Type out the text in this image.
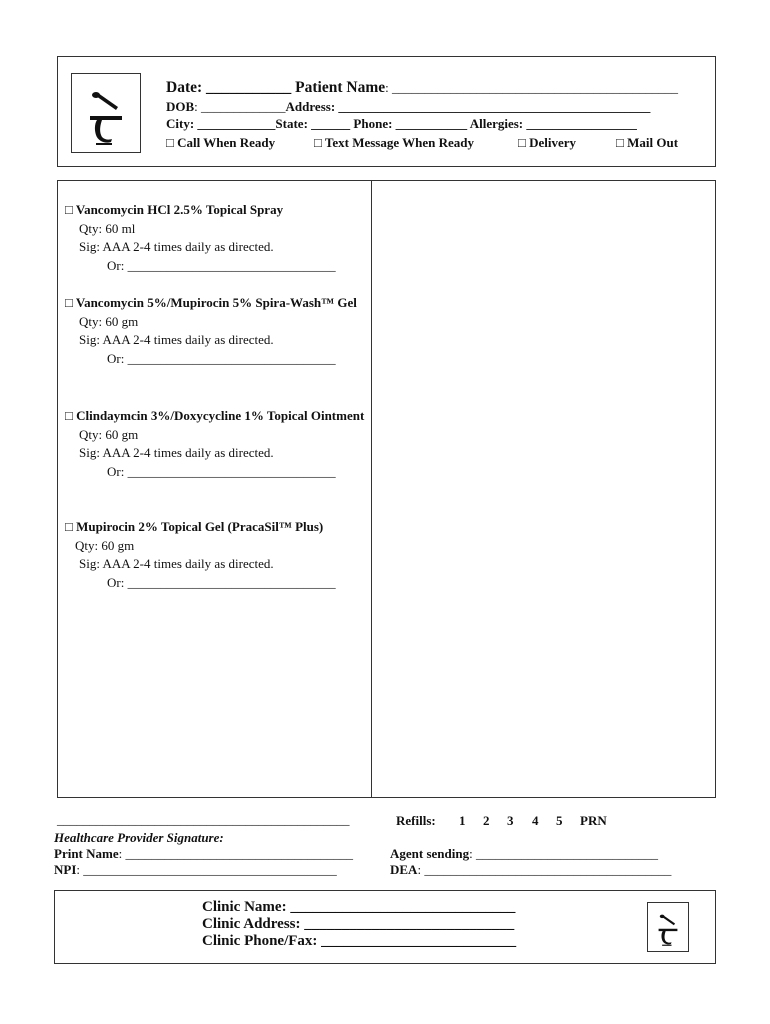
Date: ___________ Patient Name: ____________________________________________
DOB: _____________Address: ________________________________________________
City: ____________State: ______ Phone: ___________ Allergies: _________________
□ Call When Ready	□ Text Message When Ready	□ Delivery	□ Mail Out
□ Vancomycin HCl 2.5% Topical Spray
Qty: 60 ml
Sig: AAA 2-4 times daily as directed.
Or: ________________________________
□ Vancomycin 5%/Mupirocin 5% Spira-Wash™ Gel
Qty: 60 gm
Sig: AAA 2-4 times daily as directed.
Or: ________________________________
□ Clindaymcin 3%/Doxycycline 1% Topical Ointment
Qty: 60 gm
Sig: AAA 2-4 times daily as directed.
Or: ________________________________
□ Mupirocin 2% Topical Gel (PracaSil™ Plus)
Qty: 60 gm
Sig: AAA 2-4 times daily as directed.
Or: ________________________________
_____________________________________________	Refills: 1 2 3 4 5 PRN
Healthcare Provider Signature:
Print Name: ___________________________________	Agent sending: ____________________________
NPI: _______________________________________	DEA: ______________________________________
Clinic Name: ______________________________
Clinic Address: ____________________________
Clinic Phone/Fax: __________________________
